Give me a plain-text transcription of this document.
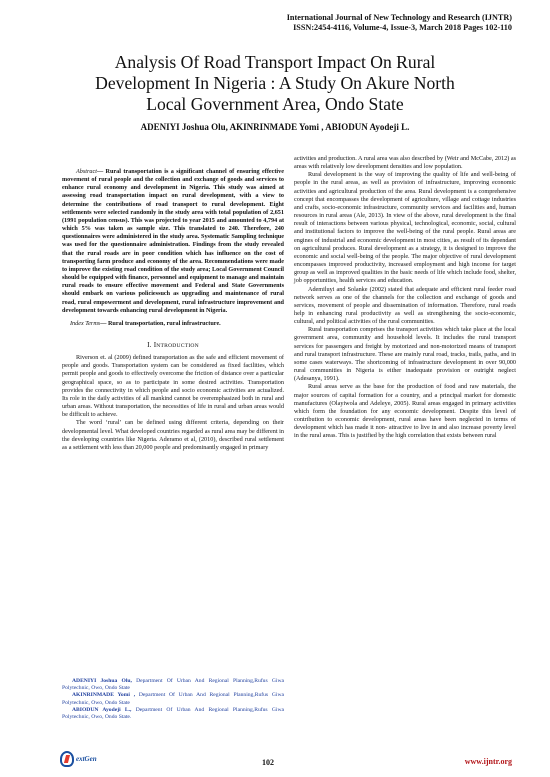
International Journal of New Technology and Research (IJNTR)
ISSN:2454-4116, Volume-4, Issue-3, March 2018 Pages 102-110
Analysis Of Road Transport Impact On Rural
Development In Nigeria : A Study On Akure North
Local Government Area, Ondo State
ADENIYI Joshua Olu, AKINRINMADE Yomi , ABIODUN Ayodeji L.

Abstract— Rural transportation is a significant channel of ensuring effective movement of rural people and the collection and exchange of goods and services to enhance rural economy and development in Nigeria. This study was aimed at assessing road transportation impact on rural development, with a view to determine the contributions of road transport to rural development. Eight settlements were selected randomly in the study area with total population of 2,651 (1991 population census). This was projected to year 2015 and amounted to 4,794 at which 5% was taken as sample size. This translated to 240. Therefore, 240 questionnaires were administered in the study area. Systematic Sampling technique was used for the questionnaire administration. Findings from the study revealed that the rural roads are in poor condition which has influence on the cost of transporting farm produce and economy of the area. Recommendations were made to improve the existing road condition of the study area; Local Government Council should be equipped with finance, personnel and equipment to manage and maintain rural roads to ensure effective movement and Federal and State Governments should embark on various policiessuch as upgrading and maintenance of rural road, rural empowerment and development, rural infrastructure improvement and development towards enhancing rural development in Nigeria.

Index Terms— Rural transportation, rural infrastructure.

I. INTRODUCTION

Riverson et. al (2009) defined transportation as the safe and efficient movement of people and goods. Transportation system can be considered as fixed facilities, which permit people and goods to effectively overcome the friction of distance over a particular geographical space, so as to participate in some desired activities. Transportation provides the connectivity in which people and socio economic activities are actualized. Its role in the daily activities of all mankind cannot be overemphasized both in rural and urban areas. Without transportation, the necessities of life in rural and urban areas would be difficult to achieve.

The word ‘rural’ can be defined using different criteria, depending on their developmental level. What developed countries regarded as rural area may be different in the developing countries like Nigeria. Aderamo et al, (2010), described rural settlement as a settlement with less than 20,000 people and predominantly engaged in primary

activities and production. A rural area was also described by (Weir and McCabe, 2012) as areas with relatively low development densities and low population.

Rural development is the way of improving the quality of life and well-being of people in the rural areas, as well as provision of infrastructure, improving economic activities and agricultural production of the area. Rural development is a comprehensive concept that encompasses the development of agriculture, village and cottage industries and crafts, socio-economic infrastructure, community services and facilities and, human resources in rural areas (Ale, 2013). In view of the above, rural development is the final result of interactions between various physical, technological, economic, social, cultural and institutional factors to improve the well-being of the rural people. Rural areas are engines of industrial and economic development in most cities, as result of its dependant on agricultural produces. Rural development as a strategy, it is designed to improve the economic and social well-being of the people. The major objective of rural development encompasses improved productivity, increased employment and high income for target group as well as improved qualities in the basic needs of life which include food, shelter, job opportunities, health services and education.

Ademiluyi and Solanke (2002) stated that adequate and efficient rural feeder road network serves as one of the channels for the collection and exchange of goods and services, movement of people and dissemination of information. Therefore, rural roads help in enhancing rural productivity as well as strengthening the socio-economic, cultural, and political activities of the rural communities.

Rural transportation comprises the transport activities which take place at the local government area, community and household levels. It includes the rural transport services for passengers and freight by motorized and non-motorized means of transport and rural transport infrastructure. These are mainly rural road, tracks, trails, paths, and in some cases waterways. The shortcoming of infrastructure development in over 90,000 rural communities in Nigeria is either inadequate provision or outright neglect (Adesanya, 1991).

Rural areas serve as the base for the production of food and raw materials, the major sources of capital formation for a country, and a principal market for domestic manufactures (Olayiwola and Adeleye, 2005). Rural areas engaged in primary activities which form the foundation for any economic development. Despite this level of contribution to economic development, rural areas have been neglected in terms of development which has made it non- attractive to live in and also increase poverty level in the rural areas. This is justified by the high correlation that exists between rural

ADENIYI Joshua Olu, Department Of Urban And Regional Planning,Rufus Giwa Polytechnic, Owo, Ondo State

AKINRINMADE Yomi , Department Of Urban And Regional Planning,Rufus Giwa Polytechnic, Owo, Ondo State

ABIODUN Ayodeji L., Department Of Urban And Regional Planning,Rufus Giwa Polytechnic, Owo, Ondo State.

extGen	102	www.ijntr.org
